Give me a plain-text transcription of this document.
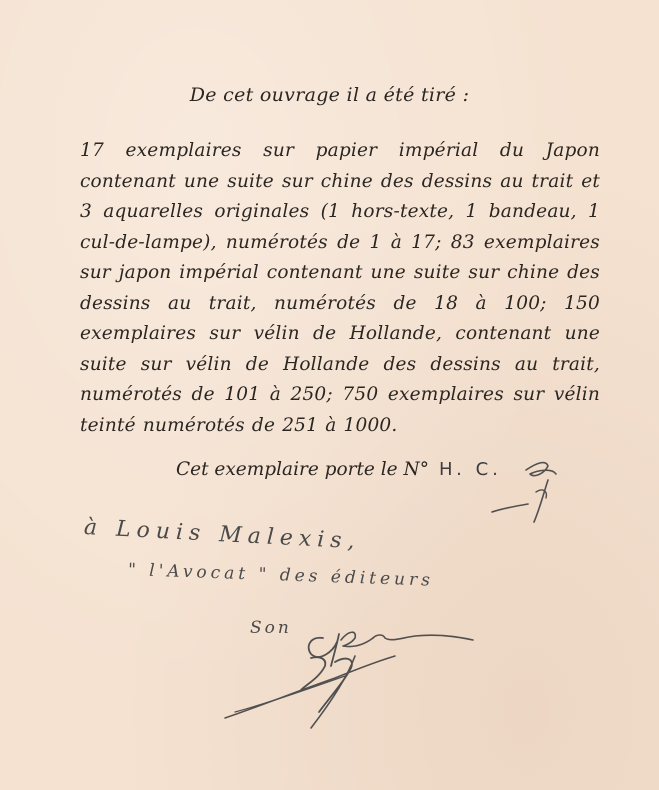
De cet ouvrage il a été tiré :

17 exemplaires sur papier impérial du Japon contenant une suite sur chine des dessins au trait et 3 aquarelles originales (1 hors-texte, 1 bandeau, 1 cul-de-lampe), numérotés de 1 à 17; 83 exemplaires sur japon impérial contenant une suite sur chine des dessins au trait, numérotés de 18 à 100; 150 exemplaires sur vélin de Hollande, contenant une suite sur vélin de Hollande des dessins au trait, numérotés de 101 à 250; 750 exemplaires sur vélin teinté numérotés de 251 à 1000.

Cet exemplaire porte le N° H. C.
à Louis Malexis,
" l'Avocat " des éditeurs
Son
